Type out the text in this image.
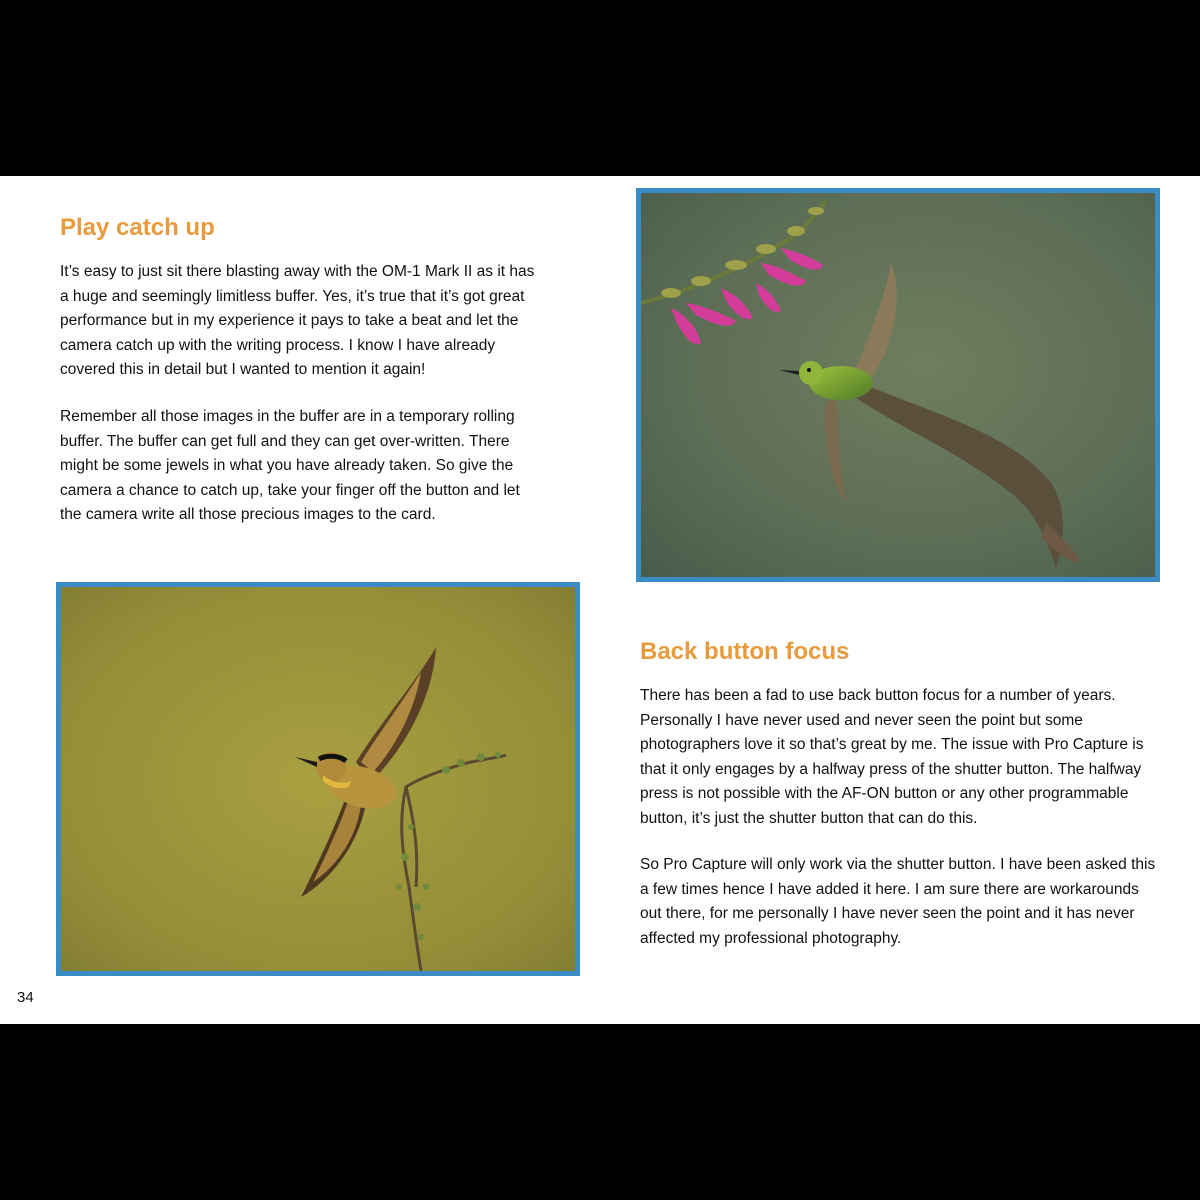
Play catch up

It’s easy to just sit there blasting away with the OM-1 Mark II as it has a huge and seemingly limitless buffer. Yes, it’s true that it’s got great performance but in my experience it pays to take a beat and let the camera catch up with the writing process. I know I have already covered this in detail but I wanted to mention it again!

Remember all those images in the buffer are in a temporary rolling buffer. The buffer can get full and they can get over-written. There might be some jewels in what you have already taken. So give the camera a chance to catch up, take your finger off the button and let the camera write all those precious images to the card.

Back button focus

There has been a fad to use back button focus for a number of years. Personally I have never used and never seen the point but some photographers love it so that’s great by me. The issue with Pro Capture is that it only engages by a halfway press of the shutter button. The halfway press is not possible with the AF-ON button or any other programmable button, it’s just the shutter button that can do this.

So Pro Capture will only work via the shutter button. I have been asked this a few times hence I have added it here. I am sure there are workarounds out there, for me personally I have never seen the point and it has never affected my professional photography.

34
